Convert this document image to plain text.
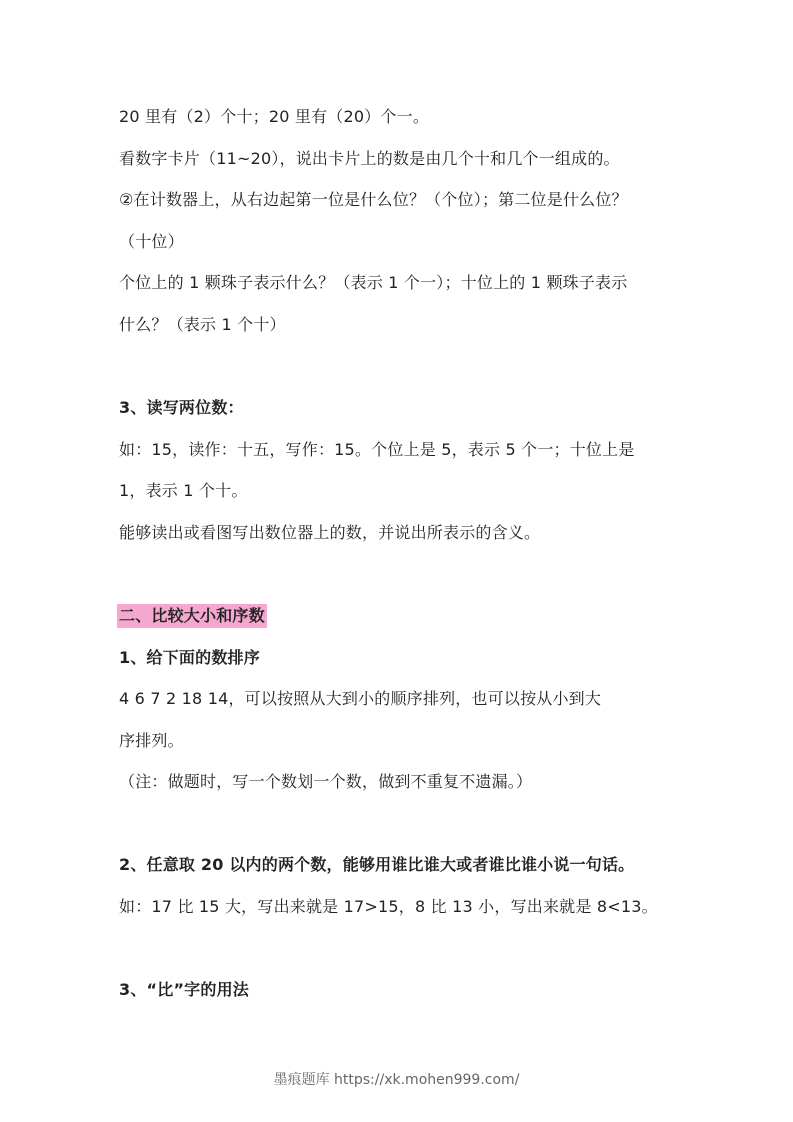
20 里有（2）个十；20 里有（20）个一。
看数字卡片（11~20），说出卡片上的数是由几个十和几个一组成的。
②在计数器上，从右边起第一位是什么位？（个位）；第二位是什么位？
（十位）
个位上的 1 颗珠子表示什么？（表示 1 个一）；十位上的 1 颗珠子表示
什么？（表示 1 个十）
3、读写两位数：
如：15，读作：十五，写作：15。个位上是 5，表示 5 个一；十位上是
1，表示 1 个十。
能够读出或看图写出数位器上的数，并说出所表示的含义。
二、比较大小和序数
1、给下面的数排序
4 6 7 2 18 14，可以按照从大到小的顺序排列，也可以按从小到大
序排列。
（注：做题时，写一个数划一个数，做到不重复不遗漏。）
2、任意取 20 以内的两个数，能够用谁比谁大或者谁比谁小说一句话。
如：17 比 15 大，写出来就是 17>15，8 比 13 小，写出来就是 8<13。
3、“比”字的用法
墨痕题库 https://xk.mohen999.com/
